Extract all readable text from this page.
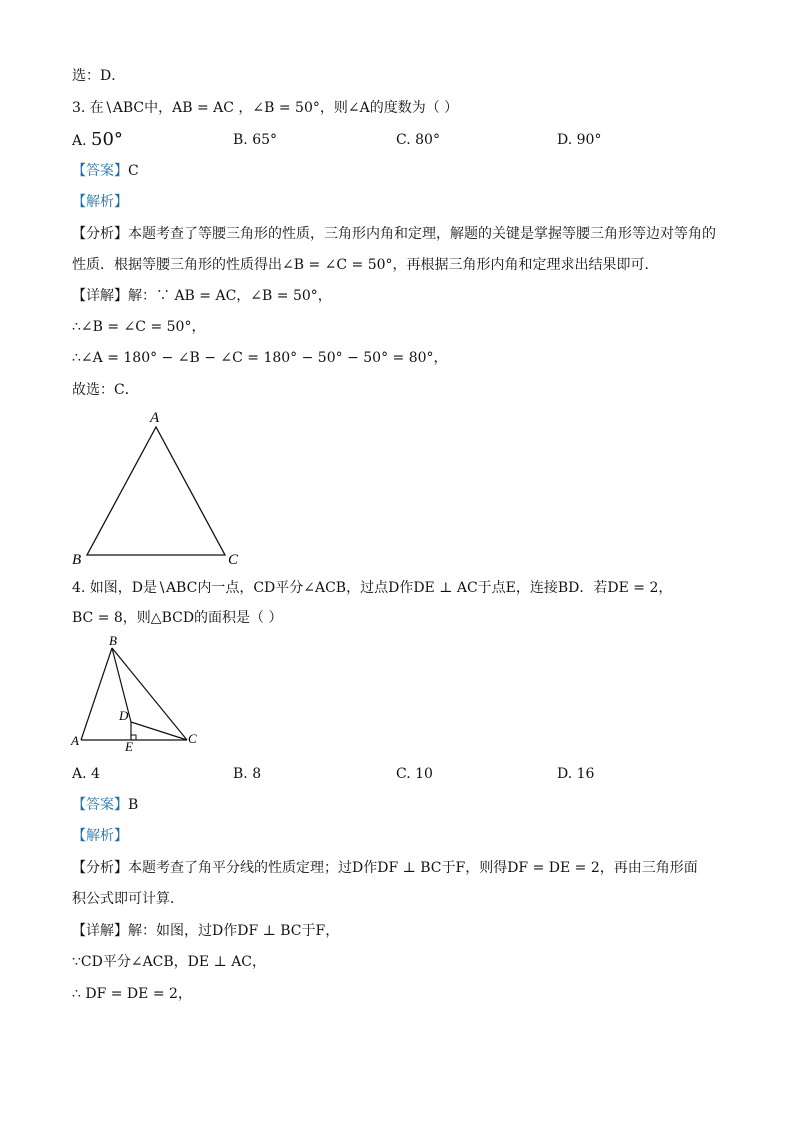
选：D．
3. 在∖ABC中，AB = AC ，∠B = 50°，则∠A的度数为（ ）
A. 50°	B. 65°	C. 80°	D. 90°
【答案】C
【解析】
【分析】本题考查了等腰三角形的性质，三角形内角和定理，解题的关键是掌握等腰三角形等边对等角的
性质．根据等腰三角形的性质得出∠B = ∠C = 50°，再根据三角形内角和定理求出结果即可．
【详解】解：∵ AB = AC，∠B = 50°，
∴∠B = ∠C = 50°，
∴∠A = 180° − ∠B − ∠C = 180° − 50° − 50° = 80°，
故选：C．
A
B	C
4. 如图，D是∖ABC内一点，CD平分∠ACB，过点D作DE ⊥ AC于点E，连接BD．若DE = 2，
BC = 8，则△BCD的面积是（ ）
B
A	C
D
E
A. 4	B. 8	C. 10	D. 16
【答案】B
【解析】
【分析】本题考查了角平分线的性质定理；过D作DF ⊥ BC于F，则得DF = DE = 2，再由三角形面
积公式即可计算．
【详解】解：如图，过D作DF ⊥ BC于F，
∵CD平分∠ACB，DE ⊥ AC，
∴ DF = DE = 2，
